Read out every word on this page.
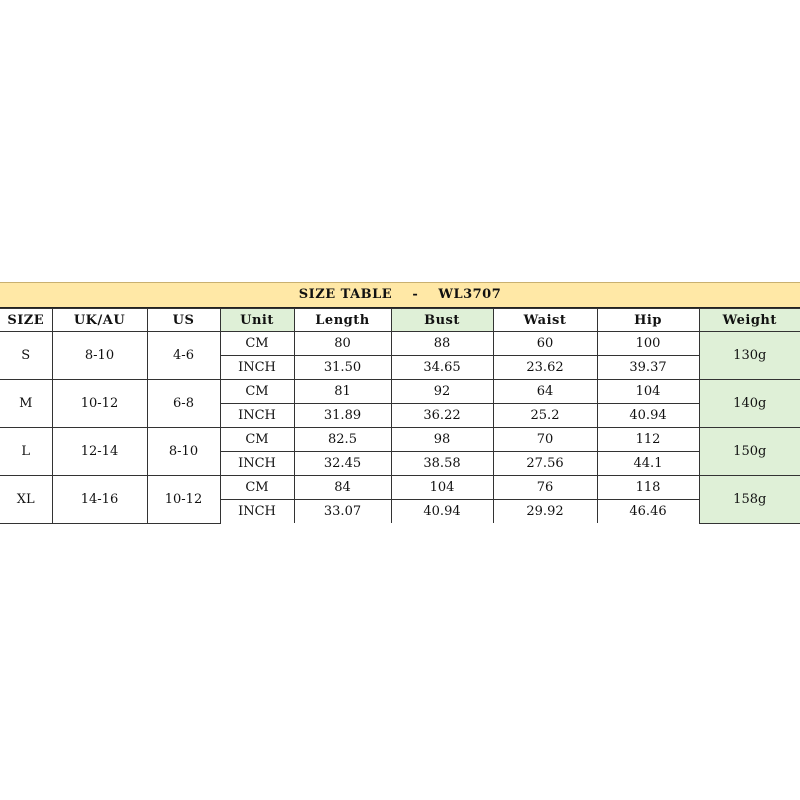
SIZE TABLE - WL3707
SIZE	UK/AU	US	Unit	Length	Bust	Waist	Hip	Weight
S	8-10	4-6	CM	80	88	60	100	130g
			INCH	31.50	34.65	23.62	39.37	
M	10-12	6-8	CM	81	92	64	104	140g
			INCH	31.89	36.22	25.2	40.94	
L	12-14	8-10	CM	82.5	98	70	112	150g
			INCH	32.45	38.58	27.56	44.1	
XL	14-16	10-12	CM	84	104	76	118	158g
			INCH	33.07	40.94	29.92	46.46	
